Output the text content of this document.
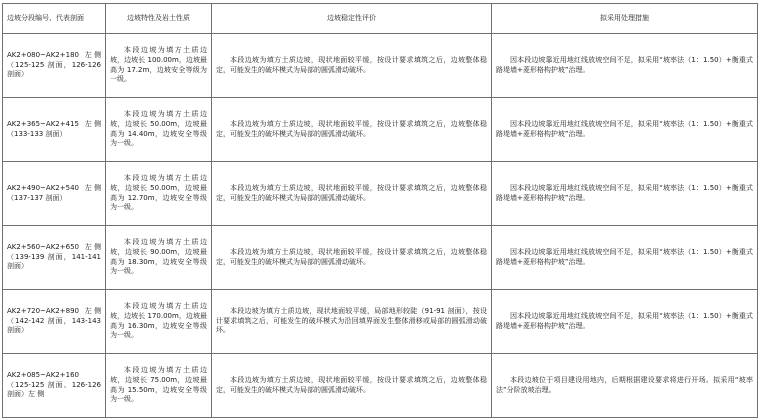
边坡分段编号、代表剖面	边坡特性及岩土性质	边坡稳定性评价	拟采用处理措施
AK2+080~AK2+180 左 侧

（125-125 剖面，126-126 剖面）	本段边坡为填方土质边坡，边坡长 100.00m，边坡最高为 17.2m，边坡安全等级为一级。	本段边坡为填方土质边坡，现状地面较平缓，按设计要求填筑之后，边坡整体稳定，可能发生的破坏模式为局部的圆弧滑动破坏。	因本段边坡靠近用地红线放坡空间不足，拟采用“坡率法（1：1.50）+衡重式路堤墙+菱形格构护坡”治理。
AK2+365~AK2+415 左 侧

（133-133 剖面）	本段边坡为填方土质边坡，边坡长 50.00m，边坡最高为 14.40m，边坡安全等级为一级。	本段边坡为填方土质边坡，现状地面较平缓，按设计要求填筑之后，边坡整体稳定，可能发生的破坏模式为局部的圆弧滑动破坏。	因本段边坡靠近用地红线放坡空间不足，拟采用“坡率法（1：1.50）+衡重式路堤墙+菱形格构护坡”治理。
AK2+490~AK2+540 左 侧

（137-137 剖面）	本段边坡为填方土质边坡，边坡长 50.00m，边坡最高为 12.70m，边坡安全等级为一级。	本段边坡为填方土质边坡，现状地面较平缓，按设计要求填筑之后，边坡整体稳定，可能发生的破坏模式为局部的圆弧滑动破坏。	因本段边坡靠近用地红线放坡空间不足，拟采用“坡率法（1：1.50）+衡重式路堤墙+菱形格构护坡”治理。
AK2+560~AK2+650 左 侧

（139-139 剖面，141-141 剖面）	本段边坡为填方土质边坡，边坡长 90.00m，边坡最高为 18.30m，边坡安全等级为一级。	本段边坡为填方土质边坡，现状地面较平缓，按设计要求填筑之后，边坡整体稳定，可能发生的破坏模式为局部的圆弧滑动破坏。	因本段边坡靠近用地红线放坡空间不足，拟采用“坡率法（1：1.50）+衡重式路堤墙+菱形格构护坡”治理。
AK2+720~AK2+890 左 侧

（142-142 剖面，143-143 剖面）	本段边坡为填方土质边坡，边坡长 170.00m，边坡最高为 16.30m，边坡安全等级为一级。	本段边坡为填方土质边坡，现状地面较平缓，局部地形较陡（91-91 剖面），按设计要求填筑之后，可能发生的破坏模式为沿回填界面发生整体滑移或局部的圆弧滑动破坏。	因本段边坡靠近用地红线放坡空间不足，拟采用“坡率法（1：1.50）+衡重式路堤墙+菱形格构护坡”治理。
AK2+085~AK2+160
（125-125 剖面、126-126 剖面）左 侧	本段边坡为填方土质边坡，边坡长 75.00m，边坡最高为 15.50m，边坡安全等级为一级。	本段边坡为填方土质边坡，现状地面较平缓，按设计要求填筑之后，边坡整体稳定，可能发生的破坏模式为局部的圆弧滑动破坏。	本段边坡位于项目建设用地内，后期根据建设要求将进行开场。拟采用“坡率法”分阶放坡治理。
